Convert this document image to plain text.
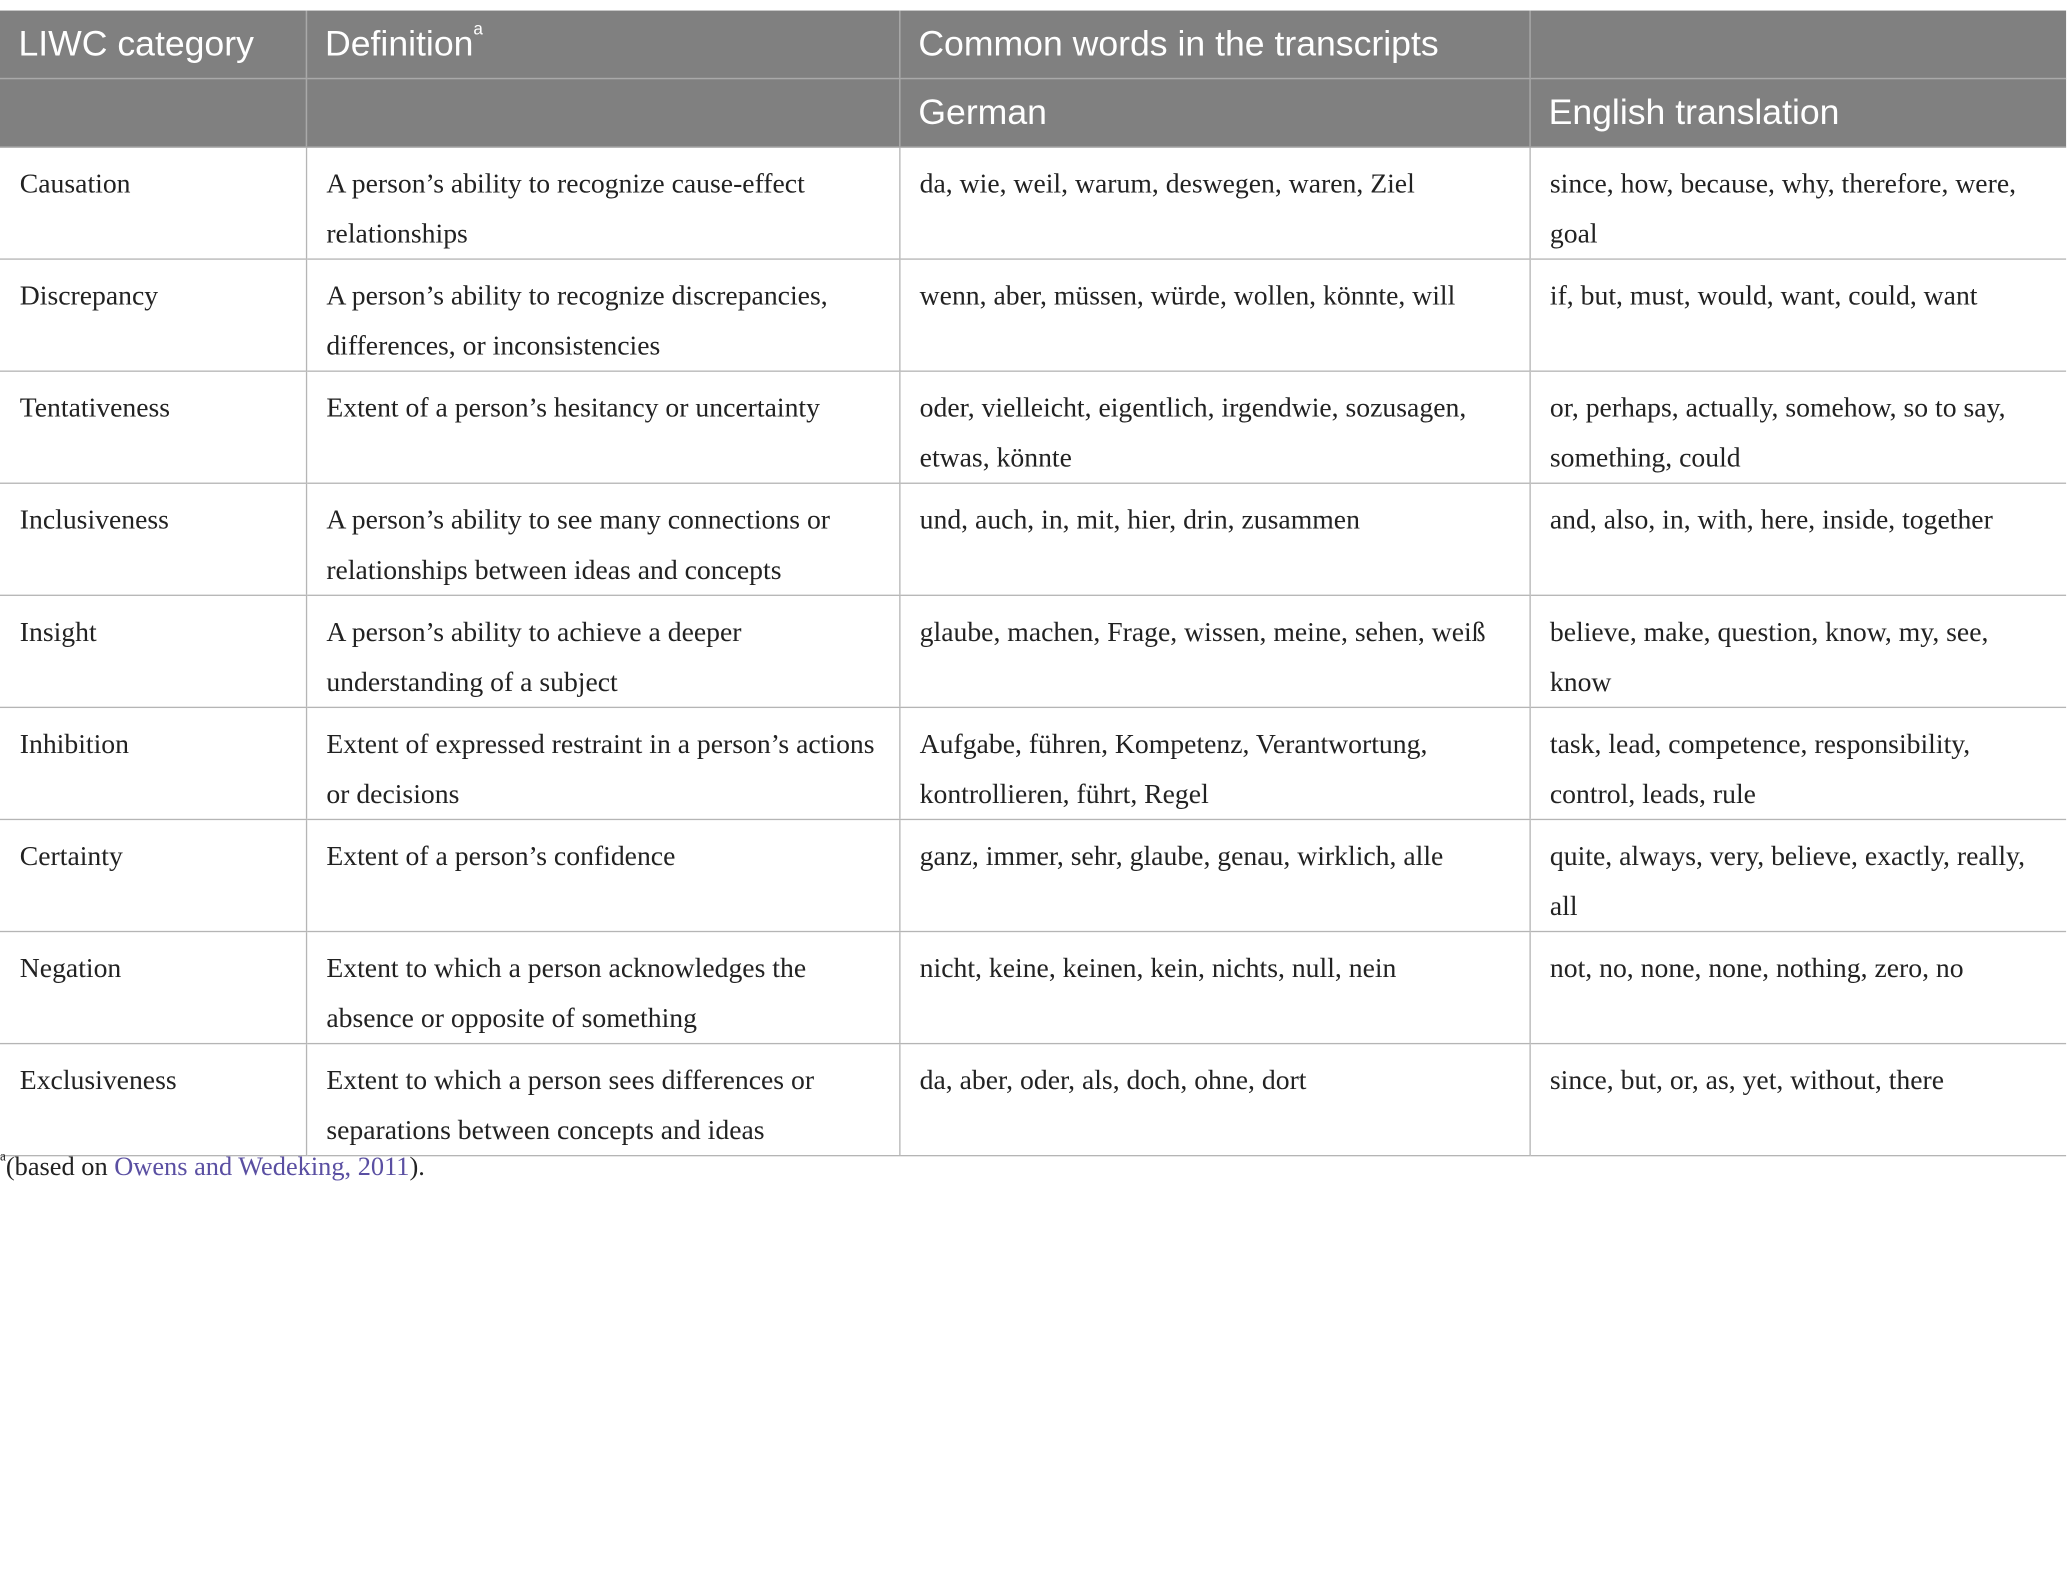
LIWC category	Definition$^a$	Common words in the transcripts	
		German	English translation
Causation	A person’s ability to recognize cause-effect relationships	da, wie, weil, warum, deswegen, waren, Ziel	since, how, because, why, therefore, were, goal
Discrepancy	A person’s ability to recognize discrepancies, differences, or inconsistencies	wenn, aber, müssen, würde, wollen, könnte, will	if, but, must, would, want, could, want
Tentativeness	Extent of a person’s hesitancy or uncertainty	oder, vielleicht, eigentlich, irgendwie, sozusagen, etwas, könnte	or, perhaps, actually, somehow, so to say, something, could
Inclusiveness	A person’s ability to see many connections or relationships between ideas and concepts	und, auch, in, mit, hier, drin, zusammen	and, also, in, with, here, inside, together
Insight	A person’s ability to achieve a deeper understanding of a subject	glaube, machen, Frage, wissen, meine, sehen, weiß	believe, make, question, know, my, see, know
Inhibition	Extent of expressed restraint in a person’s actions or decisions	Aufgabe, führen, Kompetenz, Verantwortung, kontrollieren, führt, Regel	task, lead, competence, responsibility, control, leads, rule
Certainty	Extent of a person’s confidence	ganz, immer, sehr, glaube, genau, wirklich, alle	quite, always, very, believe, exactly, really, all
Negation	Extent to which a person acknowledges the absence or opposite of something	nicht, keine, keinen, kein, nichts, null, nein	not, no, none, none, nothing, zero, no
Exclusiveness	Extent to which a person sees differences or separations between concepts and ideas	da, aber, oder, als, doch, ohne, dort	since, but, or, as, yet, without, there
$^a$(based on Owens and Wedeking, 2011).
